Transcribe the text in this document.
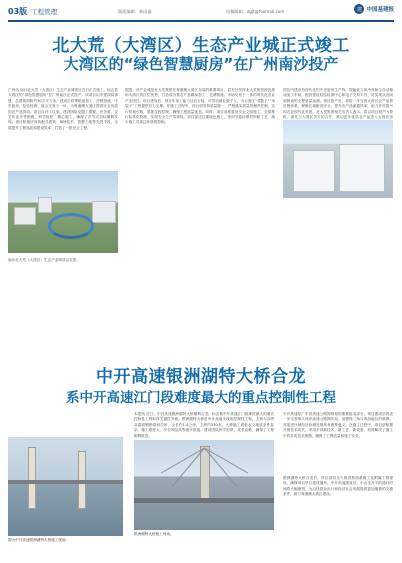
03版 工程管理	版面编辑：林国鋆	投稿邮箱：zgjt@foxmail.com	建 中国基建报
北大荒（大湾区）生态产业城正式竣工
大湾区的“绿色智慧厨房”在广州南沙投产
广州讯 南沙北大荒（大湾区）生态产业城项目近日正式竣工，标志着大湾区的“绿色智慧厨房”在广州南沙正式投产。该项目由中建四局承建，总建筑面积约30万平方米，建成后将集粮油加工、冷链物流、中央厨房、检验检测、展示交易于一体，为粤港澳大湾区提供安全优质的农产品供给。项目自开工以来，建设团队克服工期紧、任务重、交叉作业多等困难，科学组织、精心施工，确保了各节点目标顺利实现。项目积极应用装配式建筑、BIM技术、智慧工地等先进手段，全面提升工程品质和建设效率，打造了一批亮点工程。
南沙北大荒（大湾区）生态产业城项目实景。
据悉，该产业城是北大荒集团在粤港澳大湾区布局的重要项目，将充分发挥北大荒的资源优势和大湾区的区位优势，打造成为集农产品精深加工、仓储物流、市场交易于一体的现代化农业产业园区。项目建成后，预计年加工能力达百万吨，可带动就业数千人，为大湾区“菜篮子”“米袋子”工程提供有力支撑。在施工过程中，项目部坚持质量第一，严格落实质量管理责任制，实行样板引路，狠抓过程控制，确保工程质量优良。同时，项目高度重视安全文明施工，全面推行标准化管理，实现安全生产零事故。项目部还注重绿色施工，采用节能环保材料和工艺，减少施工对周边环境的影响。
园区内建设有现代化的中央厨房生产线、智能化立体冷库和全自动粮油加工车间，配套建设检验检测中心和电子交易平台，可实现从田间到餐桌的全程质量追溯。项目投产后，将进一步完善大湾区农产品供应链体系，保障区域粮食安全，提升农产品流通效率，助力乡村振兴和农业现代化发展。北大荒集团相关负责人表示，将以项目投产为契机，深化与大湾区各方的合作，推动更多优质农产品进入大湾区市
中开高速银洲湖特大桥合龙
系中开高速江门段难度最大的重点控制性工程
图为中开高速银洲湖特大桥施工现场。
本报讯 近日，中开高速银洲湖特大桥顺利合龙，标志着中开高速江门段难度最大的重点控制性工程取得关键性突破。银洲湖特大桥是中开高速全线的控制性工程，主桥为双塔双索面钢箱梁斜拉桥，全长约1.4公里，主跨约530米。大桥施工面临水文地质条件复杂、施工难度大、安全风险高等诸多挑战，建设团队科学组织、攻坚克难，确保了工程顺利推进。
银洲湖特大桥施工现场。
中开高速是广东省高速公路网规划的重要组成部分，项目建成后将进一步完善珠江西岸高速公路网布局，加强珠三角与粤西地区的联系，对促进区域经济协调发展具有重要意义。在施工过程中，项目部积极开展技术攻关，采用多项新技术、新工艺、新设备，有效解决了施工中的各类技术难题，确保了工程质量和施工安全。
银洲湖特大桥合龙后，项目部将全力推进桥面系施工及附属工程建设，确保项目早日建成通车。中开高速建成后，中山至开平的通行时间将大幅缩短，为沿线群众出行和经济社会发展提供更加便捷的交通条件，助力粤港澳大湾区建设。
